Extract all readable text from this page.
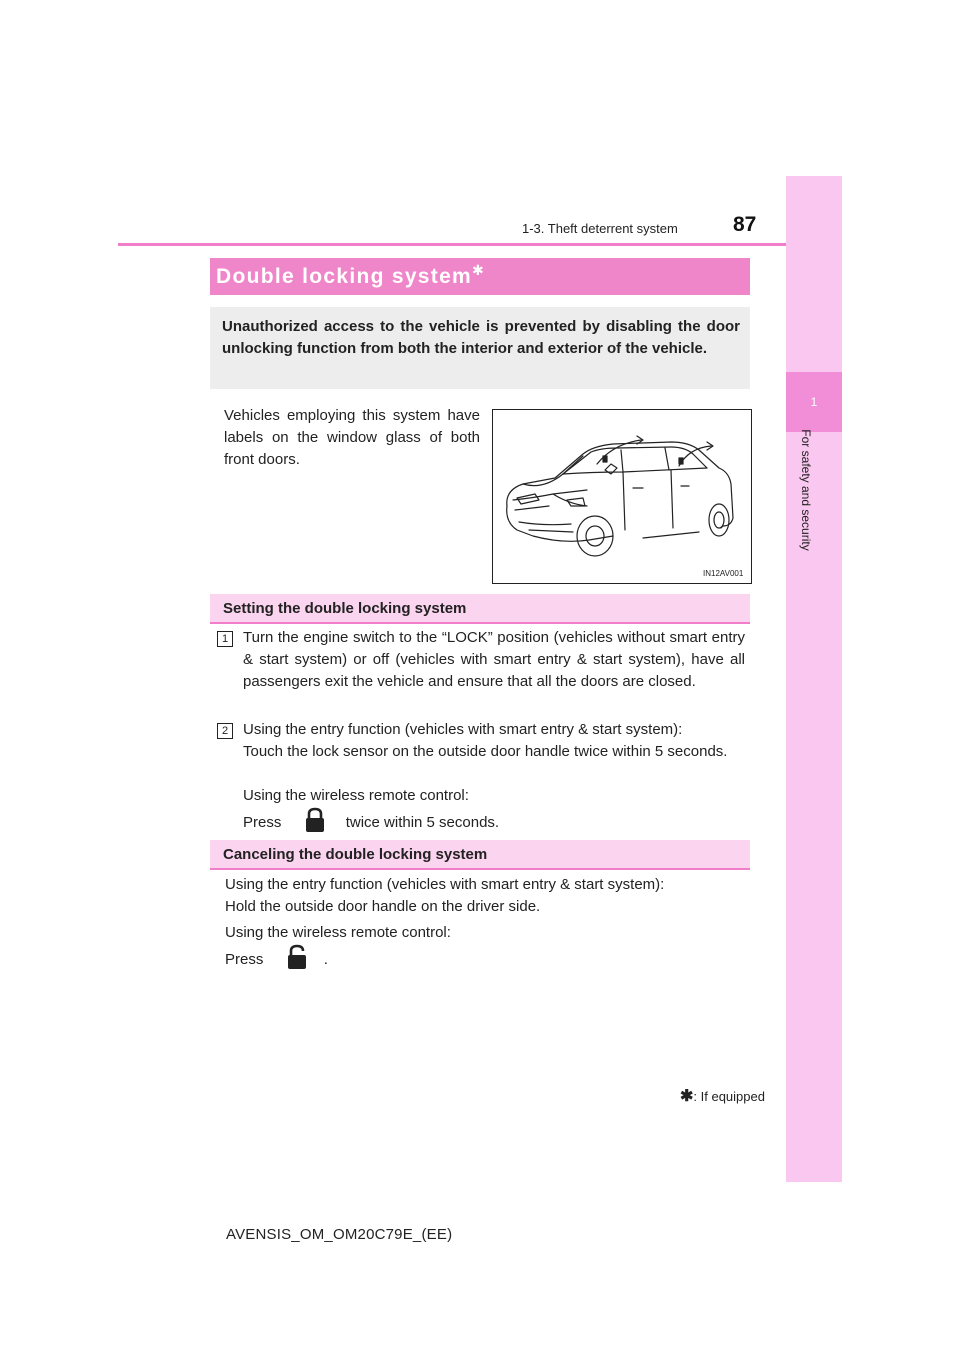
1-3. Theft deterrent system	87
1
For safety and security
Double locking system✱
Unauthorized access to the vehicle is prevented by disabling the door unlocking function from both the interior and exterior of the vehicle.
Vehicles employing this system have labels on the window glass of both front doors.
IN12AV001
Setting the double locking system
1 Turn the engine switch to the “LOCK” position (vehicles without smart entry & start system) or off (vehicles with smart entry & start system), have all passengers exit the vehicle and ensure that all the doors are closed.
2 Using the entry function (vehicles with smart entry & start system):
Touch the lock sensor on the outside door handle twice within 5 seconds.
Using the wireless remote control:
Press	twice within 5 seconds.
Canceling the double locking system
Using the entry function (vehicles with smart entry & start system):
Hold the outside door handle on the driver side.
Using the wireless remote control:
Press	.
✱: If equipped
AVENSIS_OM_OM20C79E_(EE)
